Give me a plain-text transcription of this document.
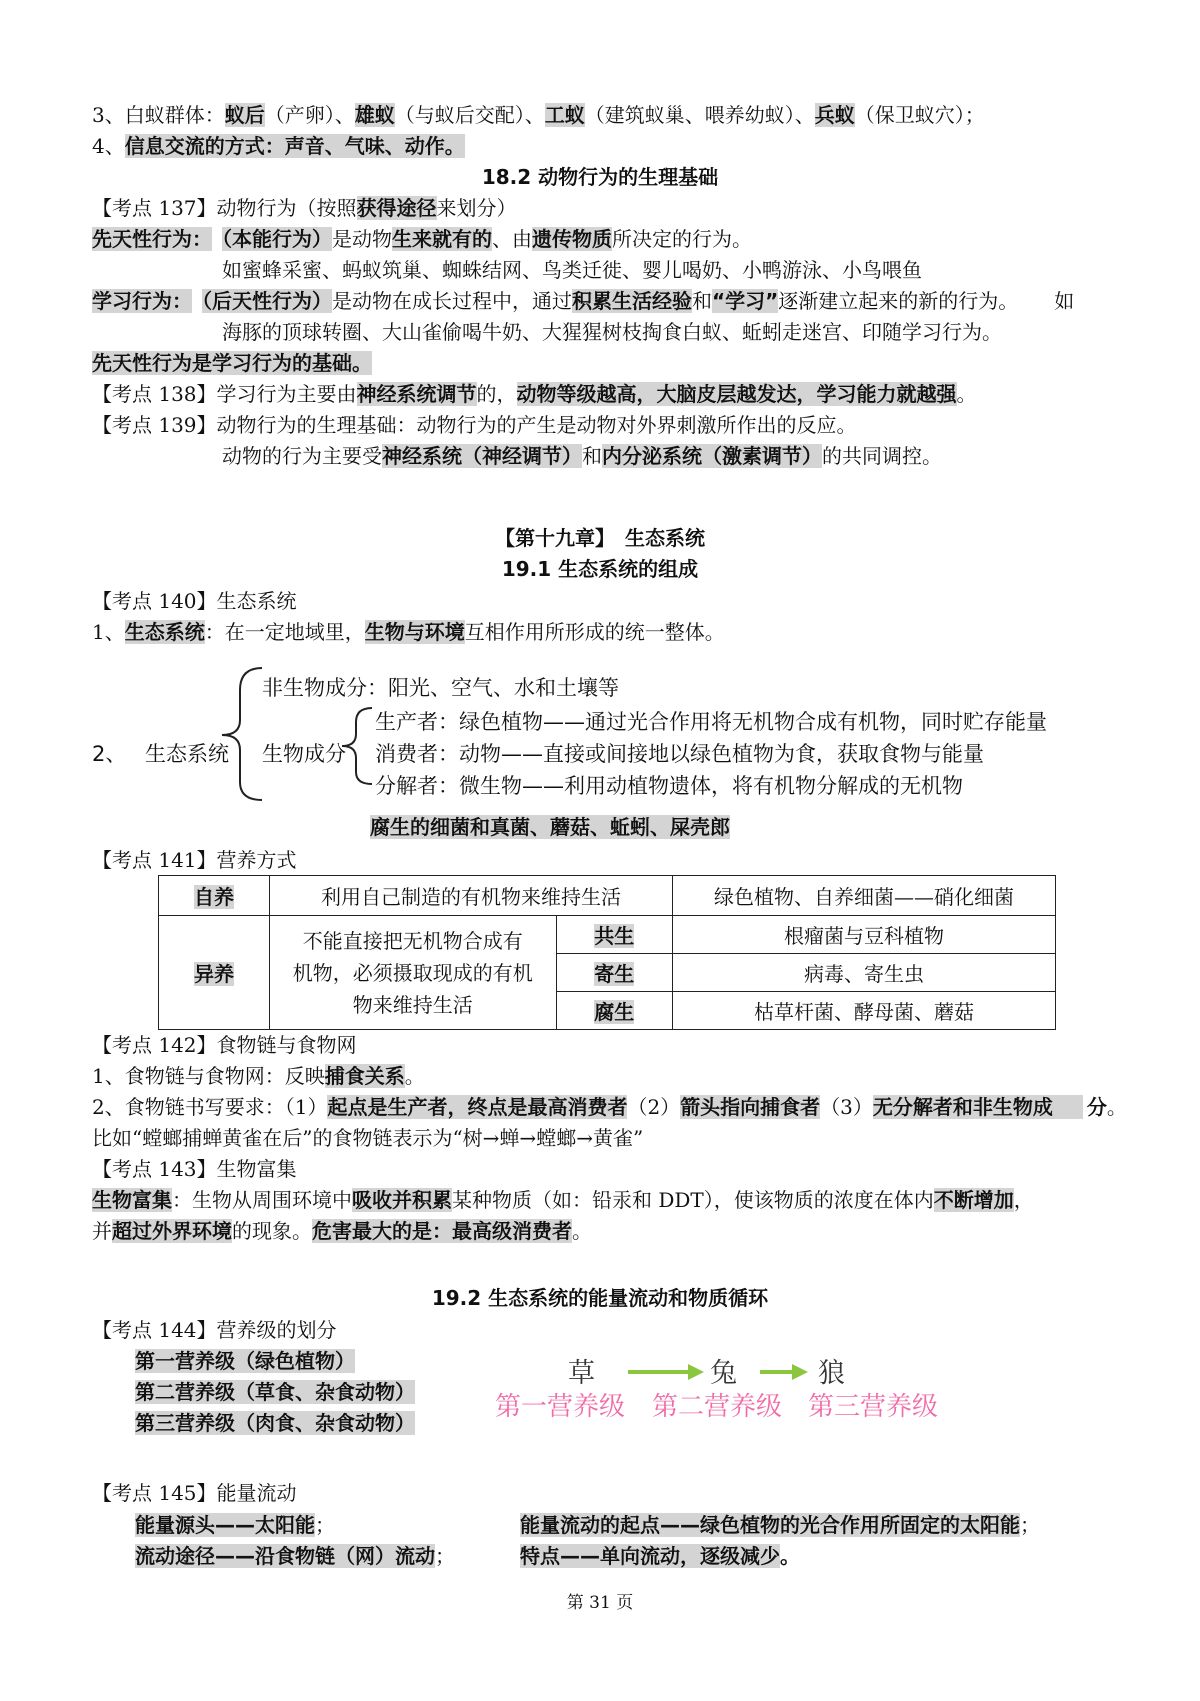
3、白蚁群体：蚁后（产卵）、雄蚁（与蚁后交配）、工蚁（建筑蚁巢、喂养幼蚁）、兵蚁（保卫蚁穴）；
4、信息交流的方式：声音、气味、动作。
18.2 动物行为的生理基础
【考点 137】动物行为（按照获得途径来划分）
先天性行为： （本能行为）是动物生来就有的、由遗传物质所决定的行为。
如蜜蜂采蜜、蚂蚁筑巢、蜘蛛结网、鸟类迁徙、婴儿喝奶、小鸭游泳、小鸟喂鱼
学习行为： （后天性行为）是动物在成长过程中，通过积累生活经验和“学习”逐渐建立起来的新的行为。 如
海豚的顶球转圈、大山雀偷喝牛奶、大猩猩树枝掏食白蚁、蚯蚓走迷宫、印随学习行为。
先天性行为是学习行为的基础。
【考点 138】学习行为主要由神经系统调节的，动物等级越高，大脑皮层越发达，学习能力就越强。
【考点 139】动物行为的生理基础：动物行为的产生是动物对外界刺激所作出的反应。
动物的行为主要受神经系统（神经调节）和内分泌系统（激素调节）的共同调控。
【第十九章】　生态系统
19.1 生态系统的组成
【考点 140】生态系统
1、生态系统：在一定地域里，生物与环境互相作用所形成的统一整体。
2、 生态系统
非生物成分：阳光、空气、水和土壤等
生物成分
生产者：绿色植物——通过光合作用将无机物合成有机物，同时贮存能量
消费者：动物——直接或间接地以绿色植物为食，获取食物与能量
分解者：微生物——利用动植物遗体，将有机物分解成的无机物
腐生的细菌和真菌、蘑菇、蚯蚓、屎壳郎
【考点 141】营养方式
自养	利用自己制造的有机物来维持生活		绿色植物、自养细菌——硝化细菌
异养	不能直接把无机物合成有
机物，必须摄取现成的有机
物来维持生活	共生	根瘤菌与豆科植物
		寄生	病毒、寄生虫
		腐生	枯草杆菌、酵母菌、蘑菇
【考点 142】食物链与食物网
1、食物链与食物网：反映捕食关系。
2、食物链书写要求：（1）起点是生产者，终点是最高消费者（2）箭头指向捕食者（3）无分解者和非生物成 分。
比如“螳螂捕蝉黄雀在后”的食物链表示为“树→蝉→螳螂→黄雀”
【考点 143】生物富集
生物富集：生物从周围环境中吸收并积累某种物质（如：铅汞和 DDT），使该物质的浓度在体内不断增加，
并超过外界环境的现象。危害最大的是：最高级消费者。
19.2 生态系统的能量流动和物质循环
【考点 144】营养级的划分
第一营养级（绿色植物）
第二营养级（草食、杂食动物）
第三营养级（肉食、杂食动物）
草	兔	狼
第一营养级 第二营养级 第三营养级
【考点 145】能量流动
能量源头——太阳能；
流动途径——沿食物链（网）流动；
能量流动的起点——绿色植物的光合作用所固定的太阳能；
特点——单向流动，逐级减少。
第 31 页
